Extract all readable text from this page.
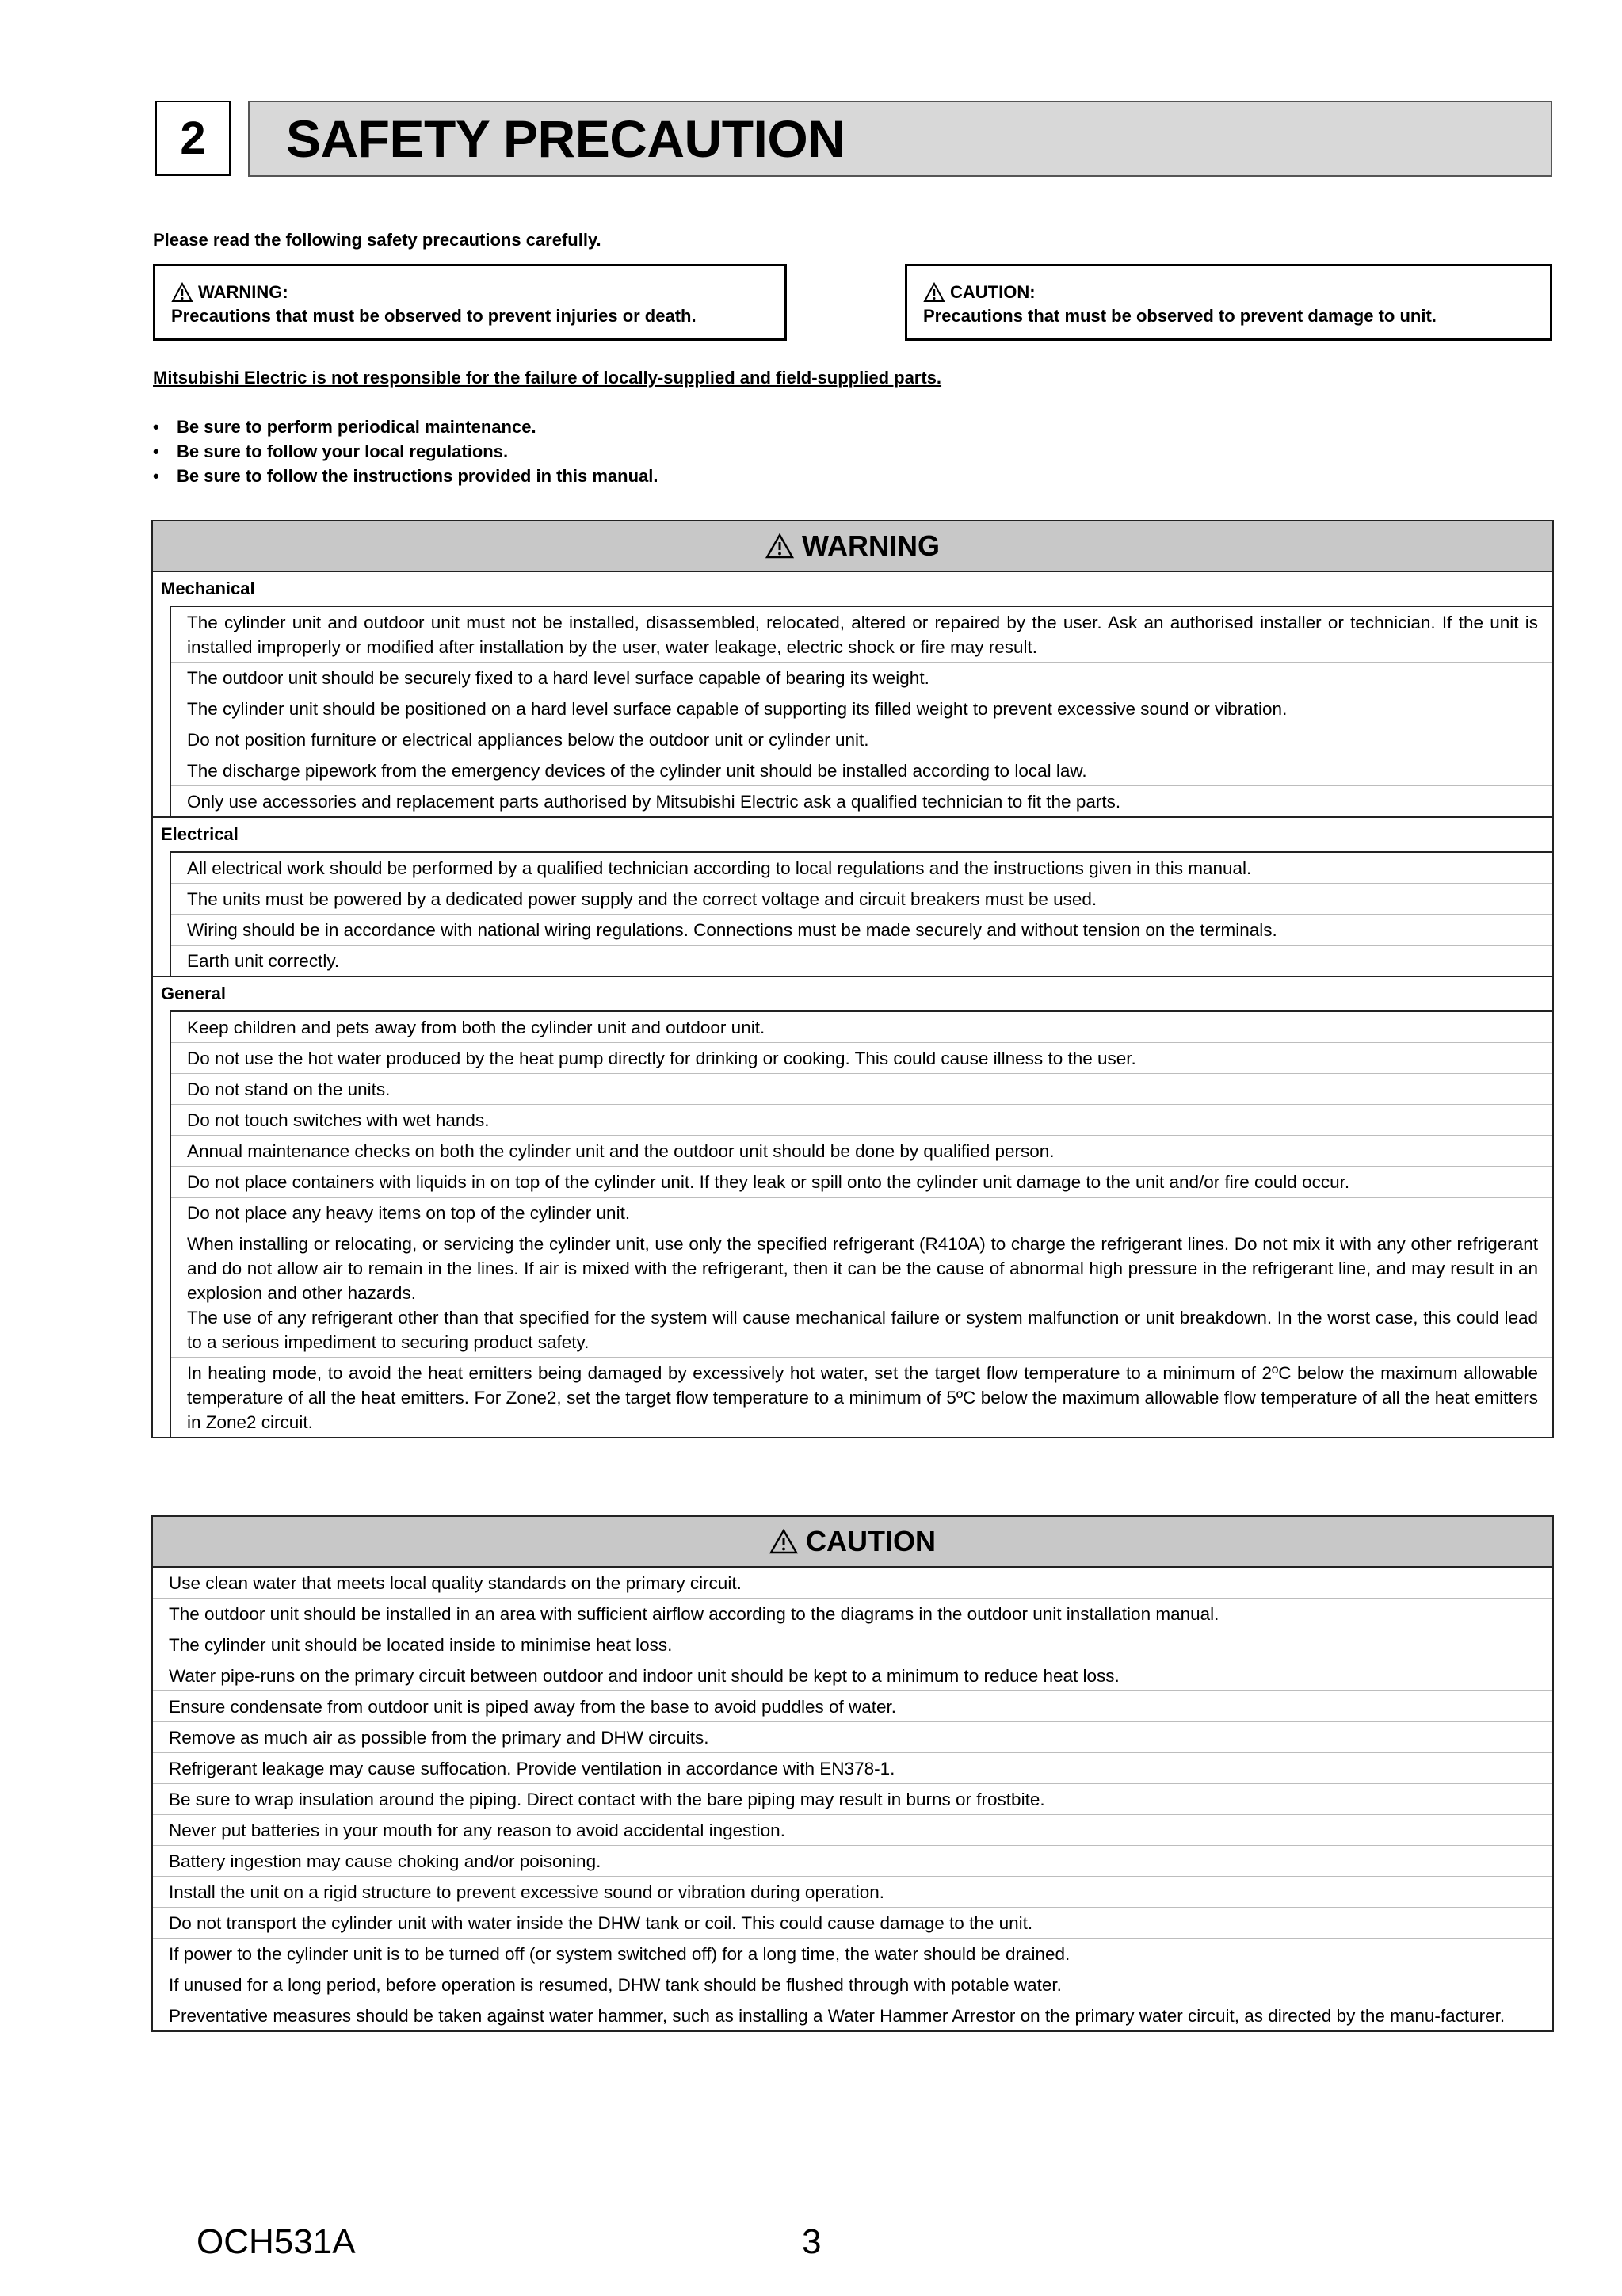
2	SAFETY PRECAUTION
Please read the following safety precautions carefully.
WARNING:
Precautions that must be observed to prevent injuries or death.
CAUTION:
Precautions that must be observed to prevent damage to unit.
Mitsubishi Electric is not responsible for the failure of locally-supplied and field-supplied parts.
• Be sure to perform periodical maintenance.
• Be sure to follow your local regulations.
• Be sure to follow the instructions provided in this manual.
WARNING
Mechanical
The cylinder unit and outdoor unit must not be installed, disassembled, relocated, altered or repaired by the user. Ask an authorised installer or technician. If the unit is installed improperly or modified after installation by the user, water leakage, electric shock or fire may result.
The outdoor unit should be securely fixed to a hard level surface capable of bearing its weight.
The cylinder unit should be positioned on a hard level surface capable of supporting its filled weight to prevent excessive sound or vibration.
Do not position furniture or electrical appliances below the outdoor unit or cylinder unit.
The discharge pipework from the emergency devices of the cylinder unit should be installed according to local law.
Only use accessories and replacement parts authorised by Mitsubishi Electric ask a qualified technician to fit the parts.
Electrical
All electrical work should be performed by a qualified technician according to local regulations and the instructions given in this manual.
The units must be powered by a dedicated power supply and the correct voltage and circuit breakers must be used.
Wiring should be in accordance with national wiring regulations. Connections must be made securely and without tension on the terminals.
Earth unit correctly.
General
Keep children and pets away from both the cylinder unit and outdoor unit.
Do not use the hot water produced by the heat pump directly for drinking or cooking. This could cause illness to the user.
Do not stand on the units.
Do not touch switches with wet hands.
Annual maintenance checks on both the cylinder unit and the outdoor unit should be done by qualified person.
Do not place containers with liquids in on top of the cylinder unit. If they leak or spill onto the cylinder unit damage to the unit and/or fire could occur.
Do not place any heavy items on top of the cylinder unit.
When installing or relocating, or servicing the cylinder unit, use only the specified refrigerant (R410A) to charge the refrigerant lines. Do not mix it with any other refrigerant and do not allow air to remain in the lines. If air is mixed with the refrigerant, then it can be the cause of abnormal high pressure in the refrigerant line, and may result in an explosion and other hazards.
The use of any refrigerant other than that specified for the system will cause mechanical failure or system malfunction or unit breakdown. In the worst case, this could lead to a serious impediment to securing product safety.
In heating mode, to avoid the heat emitters being damaged by excessively hot water, set the target flow temperature to a minimum of 2ºC below the maximum allowable temperature of all the heat emitters. For Zone2, set the target flow temperature to a minimum of 5ºC below the maximum allowable flow temperature of all the heat emitters in Zone2 circuit.
CAUTION
Use clean water that meets local quality standards on the primary circuit.
The outdoor unit should be installed in an area with sufficient airflow according to the diagrams in the outdoor unit installation manual.
The cylinder unit should be located inside to minimise heat loss.
Water pipe-runs on the primary circuit between outdoor and indoor unit should be kept to a minimum to reduce heat loss.
Ensure condensate from outdoor unit is piped away from the base to avoid puddles of water.
Remove as much air as possible from the primary and DHW circuits.
Refrigerant leakage may cause suffocation. Provide ventilation in accordance with EN378-1.
Be sure to wrap insulation around the piping. Direct contact with the bare piping may result in burns or frostbite.
Never put batteries in your mouth for any reason to avoid accidental ingestion.
Battery ingestion may cause choking and/or poisoning.
Install the unit on a rigid structure to prevent excessive sound or vibration during operation.
Do not transport the cylinder unit with water inside the DHW tank or coil. This could cause damage to the unit.
If power to the cylinder unit is to be turned off (or system switched off) for a long time, the water should be drained.
If unused for a long period, before operation is resumed, DHW tank should be flushed through with potable water.
Preventative measures should be taken against water hammer, such as installing a Water Hammer Arrestor on the primary water circuit, as directed by the manu-facturer.
OCH531A	3
